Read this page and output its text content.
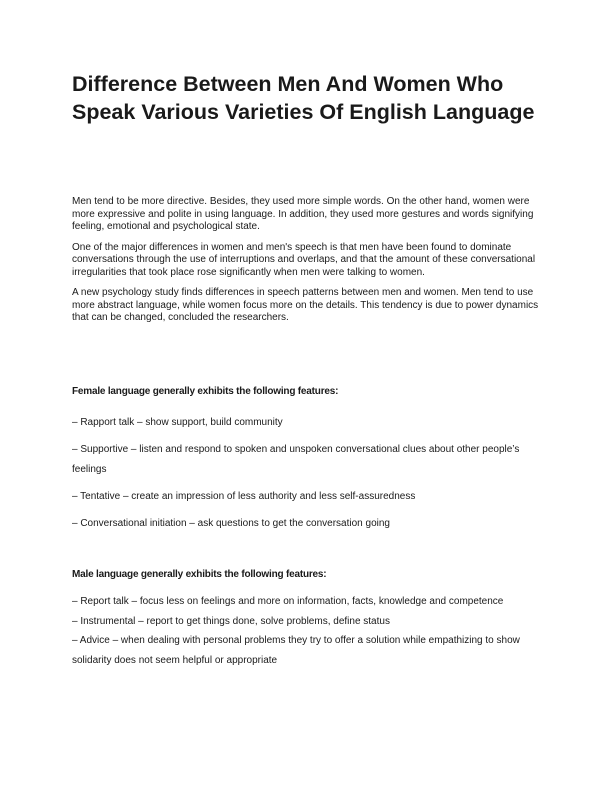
Difference Between Men And Women Who Speak Various Varieties Of English Language

Men tend to be more directive. Besides, they used more simple words. On the other hand, women were more expressive and polite in using language. In addition, they used more gestures and words signifying feeling, emotional and psychological state.

One of the major differences in women and men's speech is that men have been found to dominate conversations through the use of interruptions and overlaps, and that the amount of these conversational irregularities that took place rose significantly when men were talking to women.

A new psychology study finds differences in speech patterns between men and women. Men tend to use more abstract language, while women focus more on the details. This tendency is due to power dynamics that can be changed, concluded the researchers.

Female language generally exhibits the following features:
– Rapport talk – show support, build community
– Supportive – listen and respond to spoken and unspoken conversational clues about other people’s feelings
– Tentative – create an impression of less authority and less self-assuredness
– Conversational initiation – ask questions to get the conversation going
Male language generally exhibits the following features:
– Report talk – focus less on feelings and more on information, facts, knowledge and competence
– Instrumental – report to get things done, solve problems, define status
– Advice – when dealing with personal problems they try to offer a solution while empathizing to show solidarity does not seem helpful or appropriate
